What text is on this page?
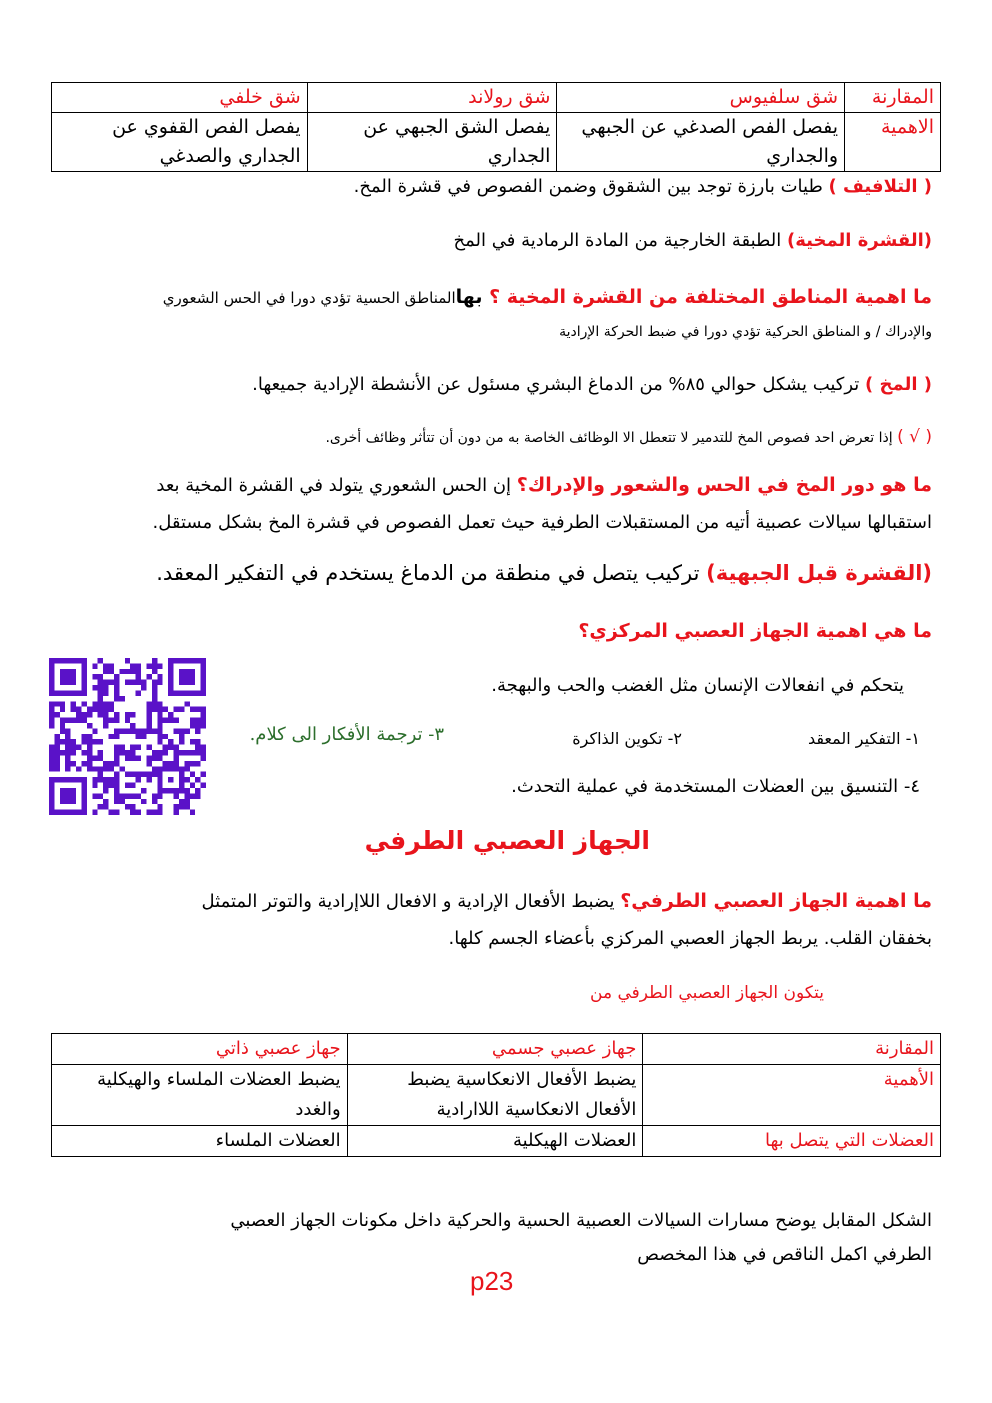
المقارنة	شق سلفيوس	شق رولاند	شق خلفي
الاهمية	يفصل الفص الصدغي عن الجبهي والجداري	يفصل الشق الجبهي عن الجداري	يفصل الفص القفوي عن الجداري والصدغي
( التلافيف ) طيات بارزة توجد بين الشقوق وضمن الفصوص في قشرة المخ.
(القشرة المخية) الطبقة الخارجية من المادة الرمادية في المخ
ما اهمية المناطق المختلفة من القشرة المخية ؟ بهاالمناطق الحسية تؤدي دورا في الحس الشعوري
والإدراك / و المناطق الحركية تؤدي دورا في ضبط الحركة الإرادية
( المخ ) تركيب يشكل حوالي ٨٥% من الدماغ البشري مسئول عن الأنشطة الإرادية جميعها.
( √ ) إذا تعرض احد فصوص المخ للتدمير لا تتعطل الا الوظائف الخاصة به من دون أن تتأثر وظائف أخرى.
ما هو دور المخ في الحس والشعور والإدراك؟ إن الحس الشعوري يتولد في القشرة المخية بعد
استقبالها سيالات عصبية أتيه من المستقبلات الطرفية حيث تعمل الفصوص في قشرة المخ بشكل مستقل.
(القشرة قبل الجبهية) تركيب يتصل في منطقة من الدماغ يستخدم في التفكير المعقد.
ما هي اهمية الجهاز العصبي المركزي؟
يتحكم في انفعالات الإنسان مثل الغضب والحب والبهجة.
١- التفكير المعقد
٢- تكوين الذاكرة
٣- ترجمة الأفكار الى كلام.
٤- التنسيق بين العضلات المستخدمة في عملية التحدث.
الجهاز العصبي الطرفي
ما اهمية الجهاز العصبي الطرفي؟ يضبط الأفعال الإرادية و الافعال اللاإرادية والتوتر المتمثل
بخفقان القلب. يربط الجهاز العصبي المركزي بأعضاء الجسم كلها.
يتكون الجهاز العصبي الطرفي من
المقارنة	جهاز عصبي جسمي	جهاز عصبي ذاتي
الأهمية	يضبط الأفعال الانعكاسية يضبط الأفعال الانعكاسية اللاارادية	يضبط العضلات الملساء والهيكلية والغدد
العضلات التي يتصل بها	العضلات الهيكلية	العضلات الملساء
الشكل المقابل يوضح مسارات السيالات العصبية الحسية والحركية داخل مكونات الجهاز العصبي
الطرفي اكمل الناقص في هذا المخصص
p23
